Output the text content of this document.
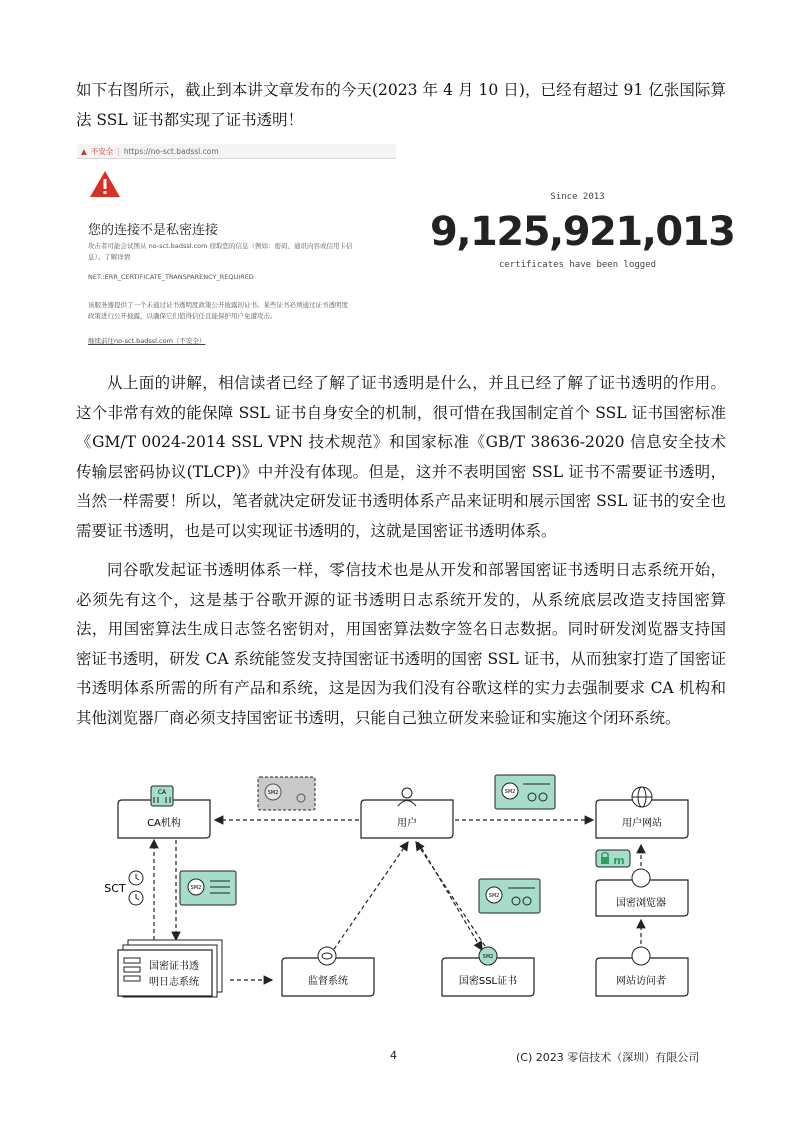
如下右图所示，截止到本讲文章发布的今天(2023 年 4 月 10 日)，已经有超过 91 亿张国际算法 SSL 证书都实现了证书透明！

▲ 不安全 | https://no-sct.badssl.com
您的连接不是私密连接
攻击者可能会试图从 no-sct.badssl.com 窃取您的信息（例如：密码、通讯内容或信用卡信
息）。了解详情
NET::ERR_CERTIFICATE_TRANSPARENCY_REQUIRED
该服务器提供了一个未通过证书透明度政策公开披露的证书。某些证书必须通过证书透明度
政策进行公开披露，以确保它们值得信任且能保护用户免遭攻击。
继续前往no-sct.badssl.com（不安全）
Since 2013
9,125,921,013
certificates have been logged

从上面的讲解，相信读者已经了解了证书透明是什么，并且已经了解了证书透明的作用。这个非常有效的能保障 SSL 证书自身安全的机制，很可惜在我国制定首个 SSL 证书国密标准《GM/T 0024-2014 SSL VPN 技术规范》和国家标准《GB/T 38636-2020 信息安全技术传输层密码协议(TLCP)》中并没有体现。但是，这并不表明国密 SSL 证书不需要证书透明，当然一样需要！所以，笔者就决定研发证书透明体系产品来证明和展示国密 SSL 证书的安全也需要证书透明，也是可以实现证书透明的，这就是国密证书透明体系。

同谷歌发起证书透明体系一样，零信技术也是从开发和部署国密证书透明日志系统开始，必须先有这个，这是基于谷歌开源的证书透明日志系统开发的，从系统底层改造支持国密算法，用国密算法生成日志签名密钥对，用国密算法数字签名日志数据。同时研发浏览器支持国密证书透明，研发 CA 系统能签发支持国密证书透明的国密 SSL 证书，从而独家打造了国密证书透明体系所需的所有产品和系统，这是因为我们没有谷歌这样的实力去强制要求 CA 机构和其他浏览器厂商必须支持国密证书透明，只能自己独立研发来验证和实施这个闭环系统。

CA
CA机构	用户	用户网站
国密浏览器
m
网站访问者
国密证书透
明日志系统	监督系统
SM2
国密SSL证书
SCT
SM2	SM2
SM2
SM2
4	(C) 2023 零信技术（深圳）有限公司
